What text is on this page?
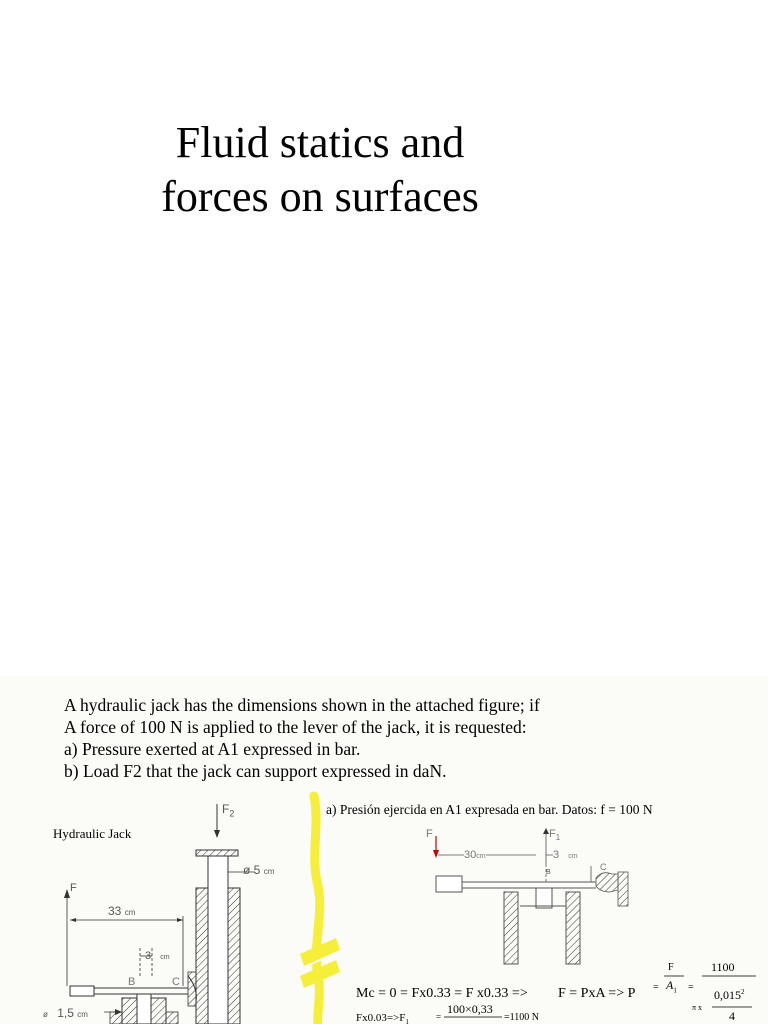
Fluid statics and
forces on surfaces
A hydraulic jack has the dimensions shown in the attached figure; if
A force of 100 N is applied to the lever of the jack, it is requested:
a) Pressure exerted at A1 expressed in bar.
b) Load F2 that the jack can support expressed in daN.
Hydraulic Jack
$F_2$
ø 5 cm
F
33 cm
3 cm
B	C
ø 1,5 cm
a) Presión ejercida en A1 expresada en bar. Datos: f = 100 N
F	$F_1$
30cm	3 cm
B
C
Mc = 0 = Fx0.33 = F x0.33 => F = PxA => P =
F
$A_1$ =
1100
π x
0,015$^2$
4
$Fx0.03=>F_1$
=
100×0,33
=1100 N
